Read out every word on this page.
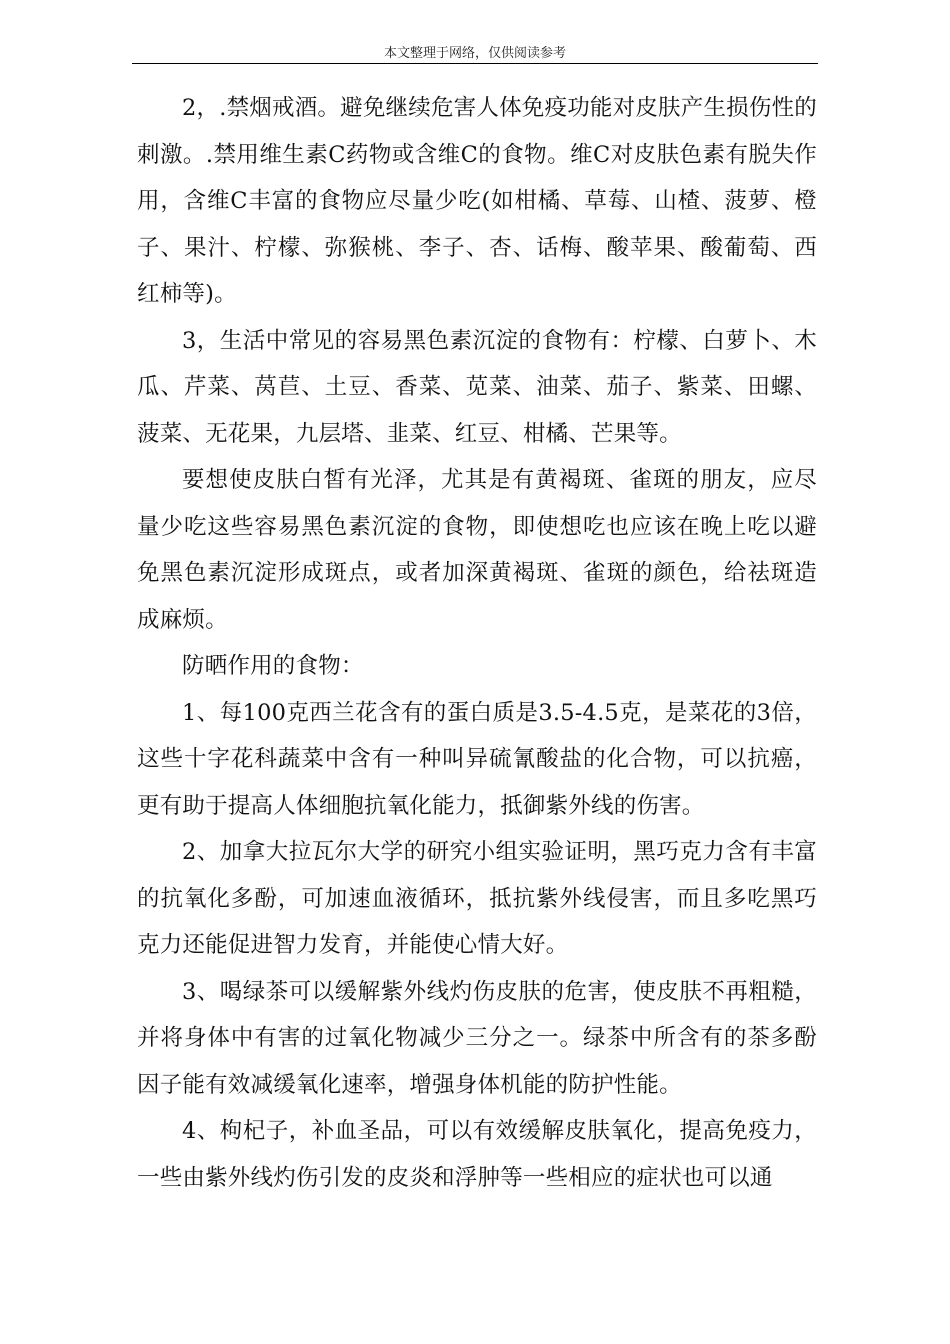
本文整理于网络，仅供阅读参考

2，.禁烟戒酒。避免继续危害人体免疫功能对皮肤产生损伤性的刺激。.禁用维生素C药物或含维C的食物。维C对皮肤色素有脱失作用，含维C丰富的食物应尽量少吃(如柑橘、草莓、山楂、菠萝、橙子、果汁、柠檬、弥猴桃、李子、杏、话梅、酸苹果、酸葡萄、西红柿等)。

3，生活中常见的容易黑色素沉淀的食物有：柠檬、白萝卜、木瓜、芹菜、莴苣、土豆、香菜、苋菜、油菜、茄子、紫菜、田螺、菠菜、无花果，九层塔、韭菜、红豆、柑橘、芒果等。

要想使皮肤白皙有光泽，尤其是有黄褐斑、雀斑的朋友，应尽量少吃这些容易黑色素沉淀的食物，即使想吃也应该在晚上吃以避免黑色素沉淀形成斑点，或者加深黄褐斑、雀斑的颜色，给祛斑造成麻烦。

防晒作用的食物：

1、每100克西兰花含有的蛋白质是3.5-4.5克，是菜花的3倍，这些十字花科蔬菜中含有一种叫异硫氰酸盐的化合物，可以抗癌，更有助于提高人体细胞抗氧化能力，抵御紫外线的伤害。

2、加拿大拉瓦尔大学的研究小组实验证明，黑巧克力含有丰富的抗氧化多酚，可加速血液循环，抵抗紫外线侵害，而且多吃黑巧克力还能促进智力发育，并能使心情大好。

3、喝绿茶可以缓解紫外线灼伤皮肤的危害，使皮肤不再粗糙，并将身体中有害的过氧化物减少三分之一。绿茶中所含有的茶多酚因子能有效减缓氧化速率，增强身体机能的防护性能。

4、枸杞子，补血圣品，可以有效缓解皮肤氧化，提高免疫力，一些由紫外线灼伤引发的皮炎和浮肿等一些相应的症状也可以通
